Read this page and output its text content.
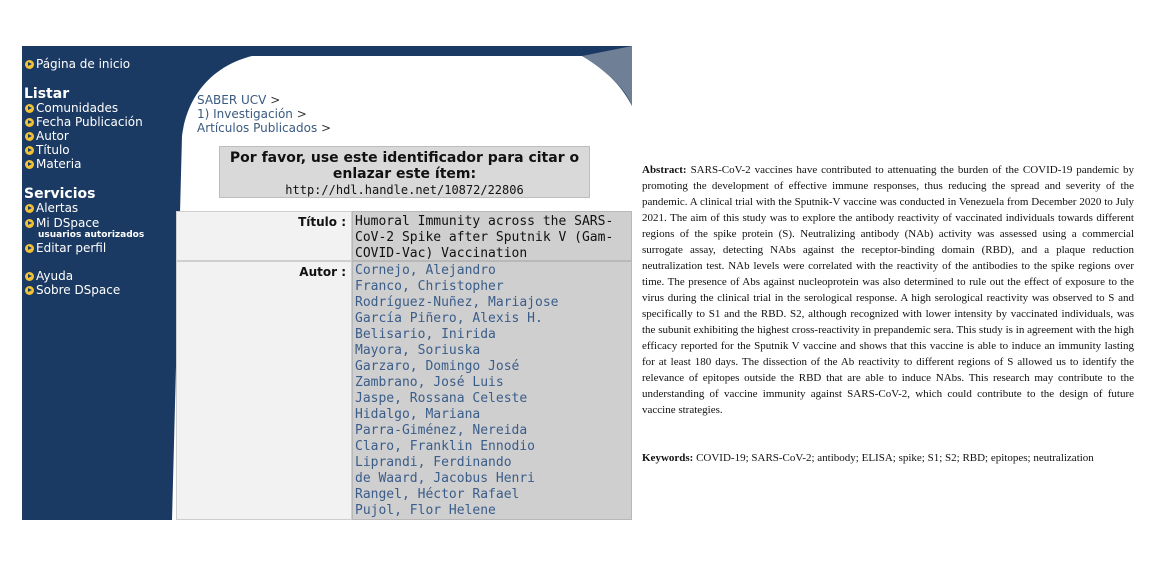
Página de inicio
Listar
Comunidades
Fecha Publicación
Autor
Título
Materia
Servicios
Alertas
Mi DSpace
usuarios autorizados
Editar perfil
Ayuda
Sobre DSpace
SABER UCV >
1) Investigación >
Artículos Publicados >
Por favor, use este identificador para citar o
enlazar este ítem:
http://hdl.handle.net/10872/22806
Título : Humoral Immunity across the SARS-CoV-2 Spike after Sputnik V (Gam-COVID-Vac) Vaccination
Autor : Cornejo, Alejandro
Franco, Christopher
Rodríguez-Nuñez, Mariajose
García Piñero, Alexis H.
Belisario, Inirida
Mayora, Soriuska
Garzaro, Domingo José
Zambrano, José Luis
Jaspe, Rossana Celeste
Hidalgo, Mariana
Parra-Giménez, Nereida
Claro, Franklin Ennodio
Liprandi, Ferdinando
de Waard, Jacobus Henri
Rangel, Héctor Rafael
Pujol, Flor Helene
Abstract: SARS-CoV-2 vaccines have contributed to attenuating the burden of the COVID-19 pandemic by promoting the development of effective immune responses, thus reducing the spread and severity of the pandemic. A clinical trial with the Sputnik-V vaccine was conducted in Venezuela from December 2020 to July 2021. The aim of this study was to explore the antibody reactivity of vaccinated individuals towards different regions of the spike protein (S). Neutralizing antibody (NAb) activity was assessed using a commercial surrogate assay, detecting NAbs against the receptor-binding domain (RBD), and a plaque reduction neutralization test. NAb levels were correlated with the reactivity of the antibodies to the spike regions over time. The presence of Abs against nucleoprotein was also determined to rule out the effect of exposure to the virus during the clinical trial in the serological response. A high serological reactivity was observed to S and specifically to S1 and the RBD. S2, although recognized with lower intensity by vaccinated individuals, was the subunit exhibiting the highest cross-reactivity in prepandemic sera. This study is in agreement with the high efficacy reported for the Sputnik V vaccine and shows that this vaccine is able to induce an immunity lasting for at least 180 days. The dissection of the Ab reactivity to different regions of S allowed us to identify the relevance of epitopes outside the RBD that are able to induce NAbs. This research may contribute to the understanding of vaccine immunity against SARS-CoV-2, which could contribute to the design of future vaccine strategies.
Keywords: COVID-19; SARS-CoV-2; antibody; ELISA; spike; S1; S2; RBD; epitopes; neutralization
